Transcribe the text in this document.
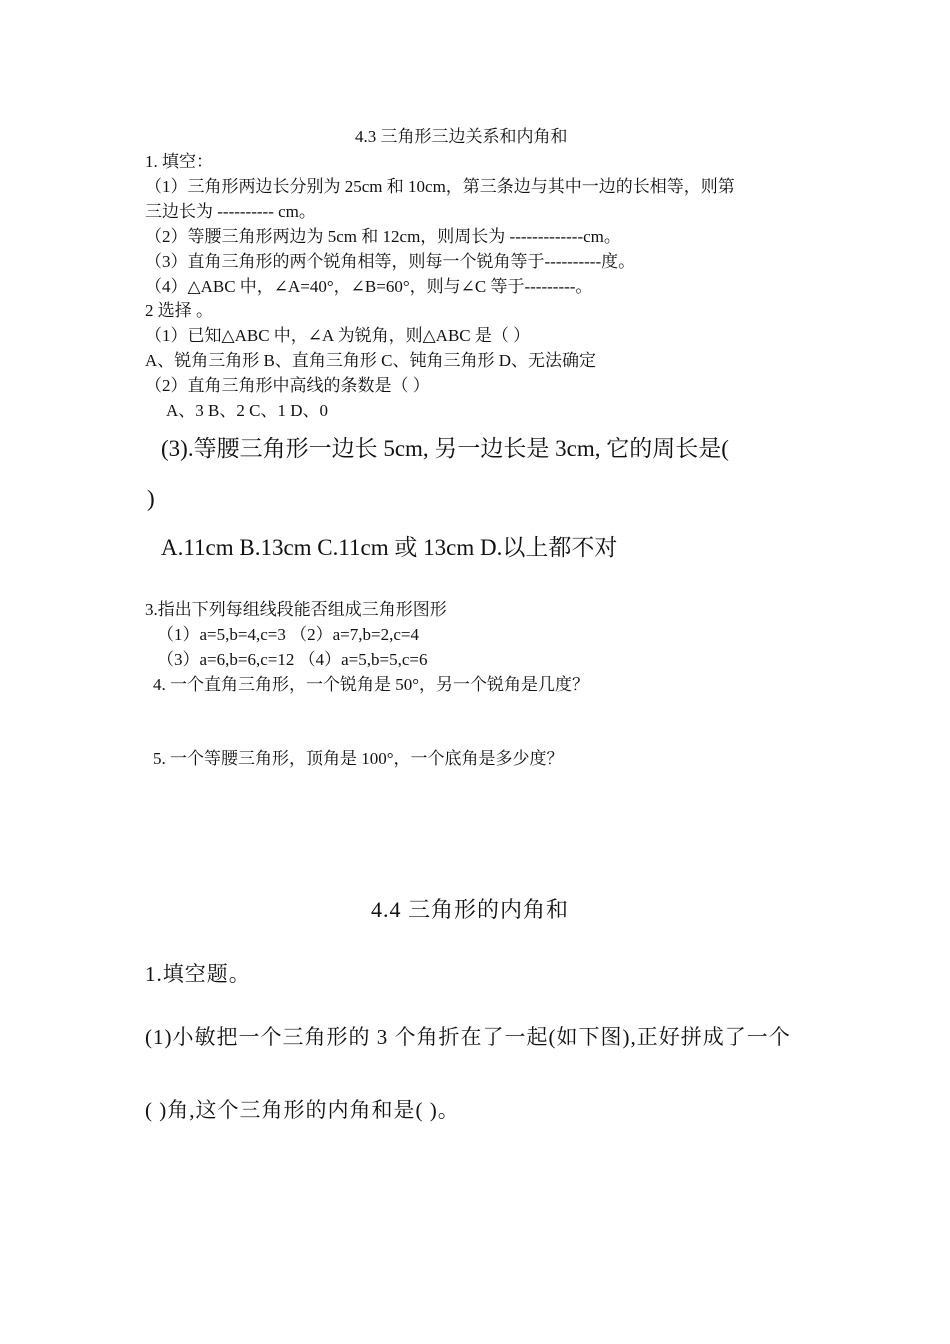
4.3 三角形三边关系和内角和
1. 填空：
（1）三角形两边长分别为 25cm 和 10cm，第三条边与其中一边的长相等，则第
三边长为 ---------- cm。
（2）等腰三角形两边为 5cm 和 12cm，则周长为 -------------cm。
（3）直角三角形的两个锐角相等，则每一个锐角等于----------度。
（4）△ABC 中，∠A=40°，∠B=60°，则与∠C 等于---------。
2 选择 。
（1）已知△ABC 中，∠A 为锐角，则△ABC 是（ ）
A、锐角三角形 B、直角三角形 C、钝角三角形 D、无法确定
（2）直角三角形中高线的条数是（ ）
A、3 B、2 C、1 D、0
(3).等腰三角形一边长 5cm, 另一边长是 3cm, 它的周长是(
)
A.11cm B.13cm C.11cm 或 13cm D.以上都不对
3.指出下列每组线段能否组成三角形图形
（1）a=5,b=4,c=3 （2）a=7,b=2,c=4
（3）a=6,b=6,c=12 （4）a=5,b=5,c=6
4. 一个直角三角形，一个锐角是 50°，另一个锐角是几度？
5. 一个等腰三角形，顶角是 100°，一个底角是多少度？
4.4 三角形的内角和
1.填空题。
(1)小敏把一个三角形的 3 个角折在了一起(如下图),正好拼成了一个
( )角,这个三角形的内角和是( )。
